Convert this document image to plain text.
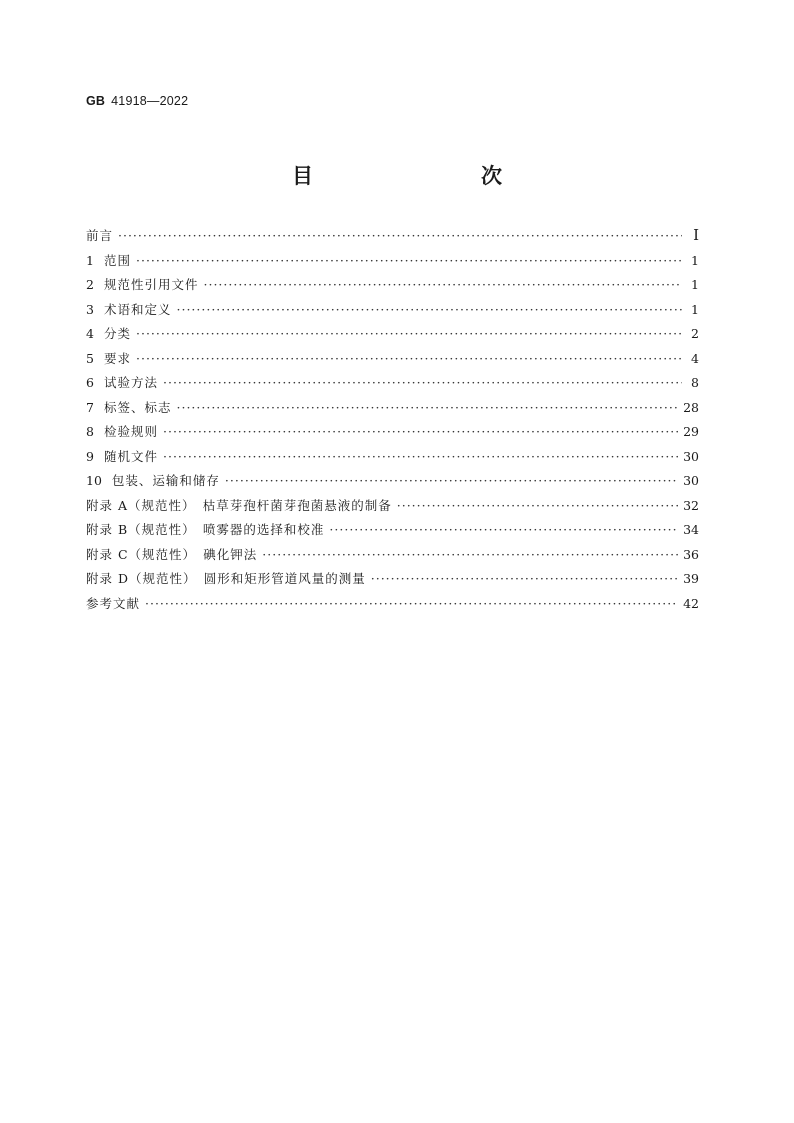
GB 41918—2022
目　　次
前言 ·····	I
1 范围 ·····	1
2 规范性引用文件 ·····	1
3 术语和定义 ·····	1
4 分类 ·····	2
5 要求 ·····	4
6 试验方法 ·····	8
7 标签、标志 ·····	28
8 检验规则 ·····	29
9 随机文件 ·····	30
10 包装、运输和储存 ·····	30
附录 A（规范性）　枯草芽孢杆菌芽孢菌悬液的制备 ·····	32
附录 B（规范性）　喷雾器的选择和校准 ·····	34
附录 C（规范性）　碘化钾法 ·····	36
附录 D（规范性）　圆形和矩形管道风量的测量 ·····	39
参考文献 ·····	42
